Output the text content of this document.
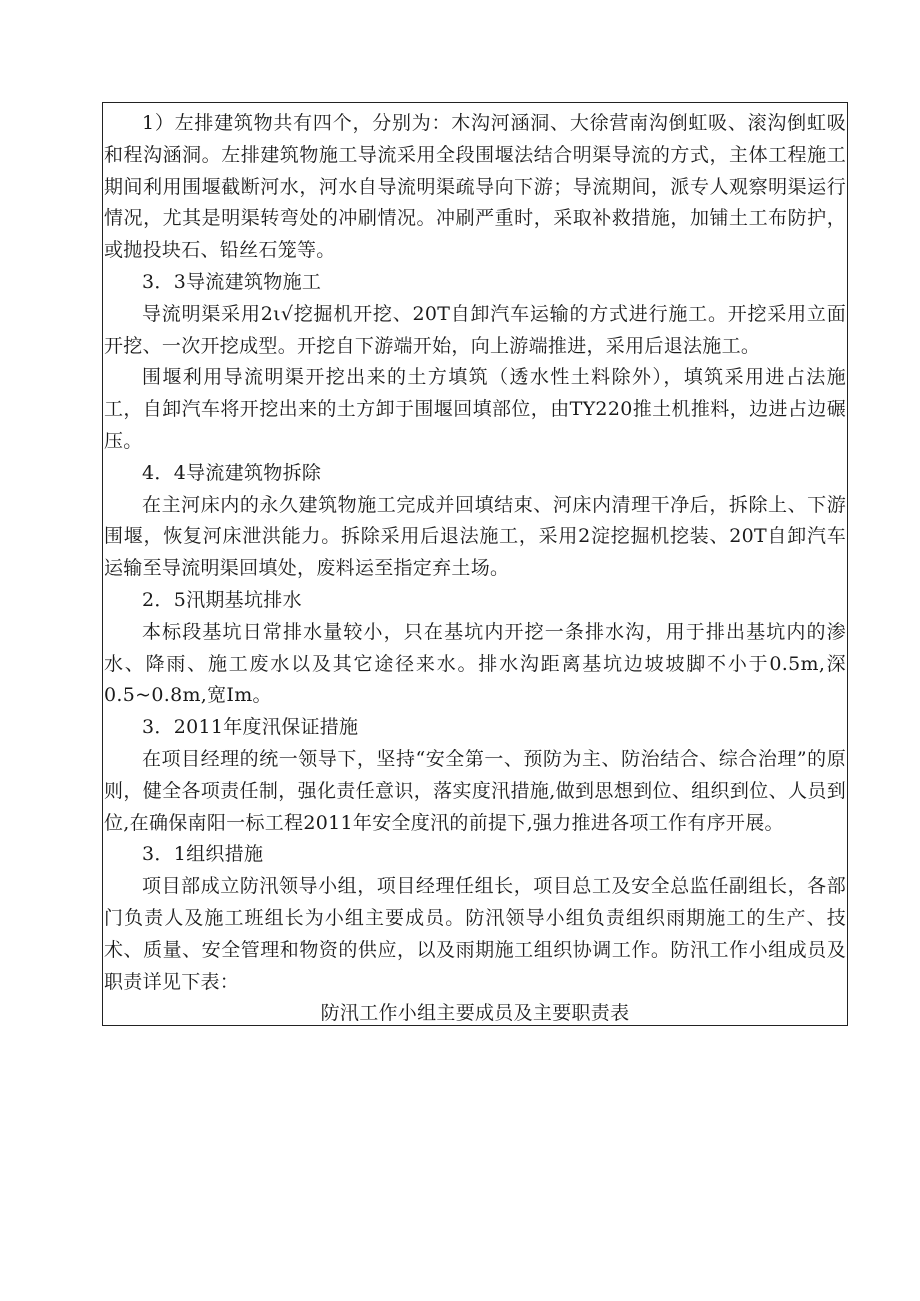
1）左排建筑物共有四个，分别为：木沟河涵洞、大徐营南沟倒虹吸、滚沟倒虹吸和程沟涵洞。左排建筑物施工导流采用全段围堰法结合明渠导流的方式，主体工程施工期间利用围堰截断河水，河水自导流明渠疏导向下游；导流期间，派专人观察明渠运行情况，尤其是明渠转弯处的冲刷情况。冲刷严重时，采取补救措施，加铺土工布防护，或抛投块石、铅丝石笼等。

3．3导流建筑物施工

导流明渠采用2ι√挖掘机开挖、20T自卸汽车运输的方式进行施工。开挖采用立面开挖、一次开挖成型。开挖自下游端开始，向上游端推进，采用后退法施工。

围堰利用导流明渠开挖出来的土方填筑（透水性土料除外），填筑采用进占法施工，自卸汽车将开挖出来的土方卸于围堰回填部位，由TY220推土机推料，边进占边碾压。

4．4导流建筑物拆除

在主河床内的永久建筑物施工完成并回填结束、河床内清理干净后，拆除上、下游围堰，恢复河床泄洪能力。拆除采用后退法施工，采用2淀挖掘机挖装、20T自卸汽车运输至导流明渠回填处，废料运至指定弃土场。

2．5汛期基坑排水

本标段基坑日常排水量较小，只在基坑内开挖一条排水沟，用于排出基坑内的渗水、降雨、施工废水以及其它途径来水。排水沟距离基坑边坡坡脚不小于0.5m,深0.5~0.8m,宽Im。

3．2011年度汛保证措施

在项目经理的统一领导下，坚持“安全第一、预防为主、防治结合、综合治理”的原则，健全各项责任制，强化责任意识，落实度汛措施,做到思想到位、组织到位、人员到位,在确保南阳一标工程2011年安全度汛的前提下,强力推进各项工作有序开展。

3．1组织措施

项目部成立防汛领导小组，项目经理任组长，项目总工及安全总监任副组长，各部门负责人及施工班组长为小组主要成员。防汛领导小组负责组织雨期施工的生产、技术、质量、安全管理和物资的供应，以及雨期施工组织协调工作。防汛工作小组成员及职责详见下表：

防汛工作小组主要成员及主要职责表
